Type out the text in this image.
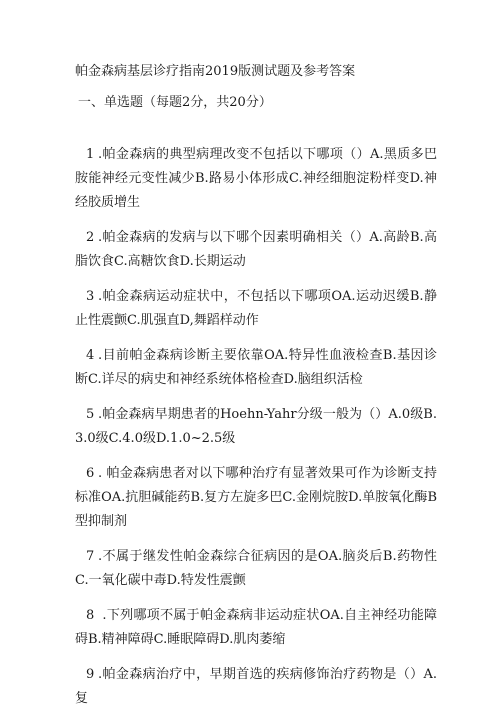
帕金森病基层诊疗指南2019版测试题及参考答案
一、单选题（每题2分，共20分）

1 .帕金森病的典型病理改变不包括以下哪项（）A.黑质多巴胺能神经元变性减少B.路易小体形成C.神经细胞淀粉样变D.神经胶质增生

2 .帕金森病的发病与以下哪个因素明确相关（）A.高龄B.高脂饮食C.高糖饮食D.长期运动

3 .帕金森病运动症状中，不包括以下哪项OA.运动迟缓B.静止性震颤C.肌强直D,舞蹈样动作

4 .目前帕金森病诊断主要依靠OA.特异性血液检查B.基因诊断C.详尽的病史和神经系统体格检查D.脑组织活检

5 .帕金森病早期患者的Hoehn-Yahr分级一般为（）A.0级B.3.0级C.4.0级D.1.0~2.5级

6 . 帕金森病患者对以下哪种治疗有显著效果可作为诊断支持标准OA.抗胆碱能药B.复方左旋多巴C.金刚烷胺D.单胺氧化酶B型抑制剂

7 .不属于继发性帕金森综合征病因的是OA.脑炎后B.药物性C.一氧化碳中毒D.特发性震颤

8 .下列哪项不属于帕金森病非运动症状OA.自主神经功能障碍B.精神障碍C.睡眠障碍D.肌肉萎缩

9 .帕金森病治疗中，早期首选的疾病修饰治疗药物是（）A.复
